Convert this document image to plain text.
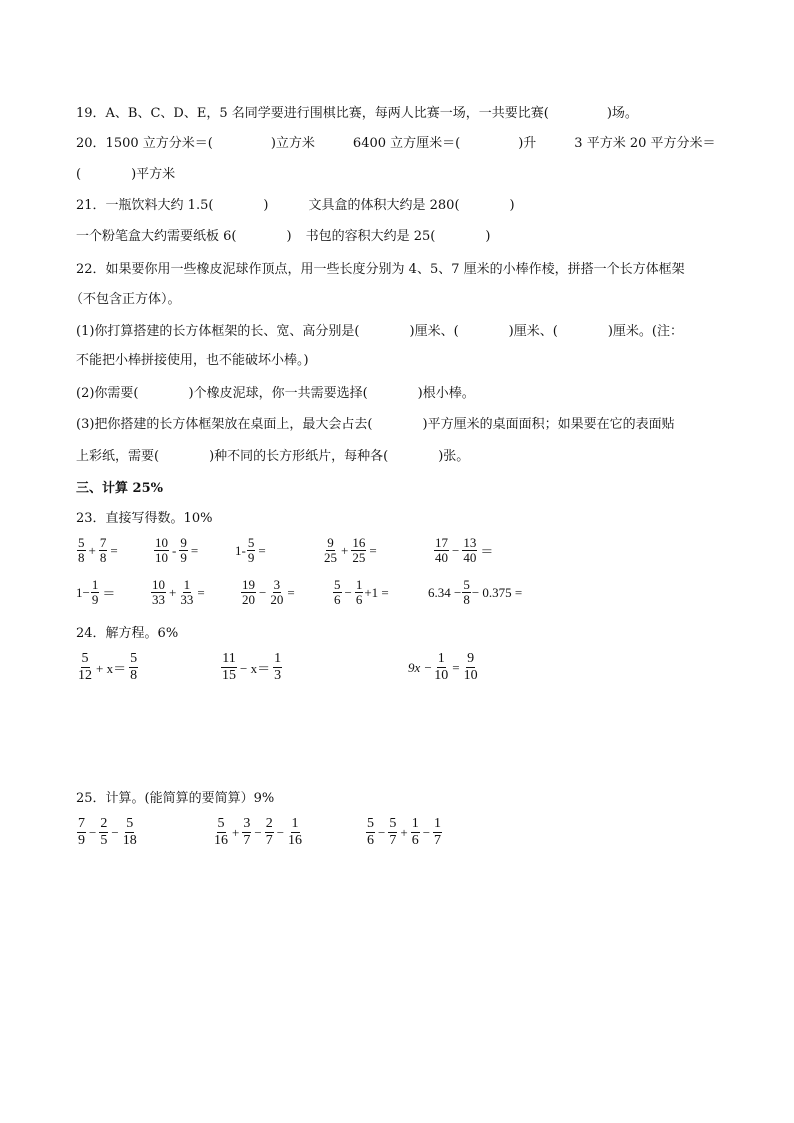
19．A、B、C、D、E，5 名同学要进行围棋比赛，每两人比赛一场，一共要比赛(	)场。
20．1500 立方分米＝(	)立方米	6400 立方厘米＝(	)升	3 平方米 20 平方分米＝
(	)平方米
21．一瓶饮料大约 1.5(	)	文具盒的体积大约是 280(	)
一个粉笔盒大约需要纸板 6(	) 书包的容积大约是 25(	)
22．如果要你用一些橡皮泥球作顶点，用一些长度分别为 4、5、7 厘米的小棒作棱，拼搭一个长方体框架
（不包含正方体）。
(1)你打算搭建的长方体框架的长、宽、高分别是(	)厘米、(	)厘米、(	)厘米。(注：
不能把小棒拼接使用，也不能破坏小棒。)
(2)你需要(	)个橡皮泥球，你一共需要选择(	)根小棒。
(3)把你搭建的长方体框架放在桌面上，最大会占去(	)平方厘米的桌面面积；如果要在它的表面贴
上彩纸，需要(	)种不同的长方形纸片，每种各(	)张。
三、计算 25%
23．直接写得数。10%
$\frac{5}{8} + \frac{7}{8}$ =	$\frac{10}{10} - \frac{9}{9}$ =	$1- \frac{5}{9}$ =	$\frac{9}{25} + \frac{16}{25}$ =	$\frac{17}{40} - \frac{13}{40}$ ＝
$1- \frac{1}{9}$ ＝	$\frac{10}{33} + \frac{1}{33}$ =	$\frac{19}{20} - \frac{3}{20}$ =	$\frac{5}{6} - \frac{1}{6} +1$ =	$6.34 - \frac{5}{8} - 0.375$ =
24．解方程。6%
$\frac{5}{12} + x= \frac{5}{8}$	$\frac{11}{15} - x= \frac{1}{3}$	$9x - \frac{1}{10} = \frac{9}{10}$
25．计算。(能简算的要简算）9%
$\frac{7}{9} - \frac{2}{5} - \frac{5}{18}$	$\frac{5}{16} + \frac{3}{7} - \frac{2}{7} - \frac{1}{16}$	$\frac{5}{6} - \frac{5}{7} + \frac{1}{6} - \frac{1}{7}$
